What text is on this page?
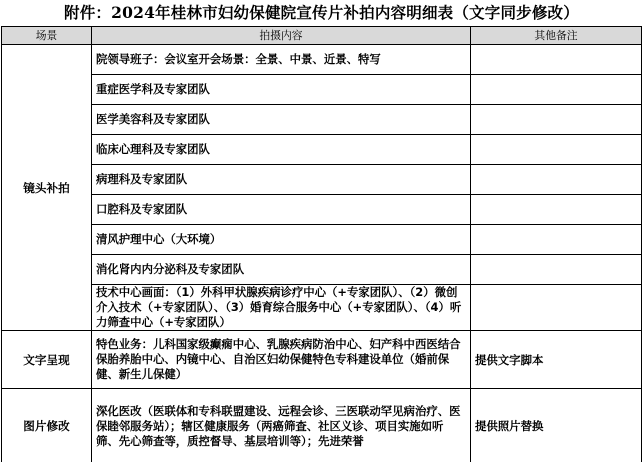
附件：2024年桂林市妇幼保健院宣传片补拍内容明细表（文字同步修改）
场景	拍摄内容	其他备注
镜头补拍	院领导班子：会议室开会场景：全景、中景、近景、特写	
	重症医学科及专家团队	
	医学美容科及专家团队	
	临床心理科及专家团队	
	病理科及专家团队	
	口腔科及专家团队	
	清风护理中心（大环境）	
	消化肾内内分泌科及专家团队	
	技术中心画面：（1）外科甲状腺疾病诊疗中心（+专家团队）、（2）微创介入技术（+专家团队）、（3）婚育综合服务中心（+专家团队）、（4）听力筛查中心（+专家团队）	
文字呈现	特色业务：儿科国家级癫痫中心、乳腺疾病防治中心、妇产科中西医结合保胎养胎中心、内镜中心、自治区妇幼保健特色专科建设单位（婚前保健、新生儿保健）	提供文字脚本
图片修改	深化医改（医联体和专科联盟建设、远程会诊、三医联动罕见病治疗、医保睦邻服务站）；辖区健康服务（两癌筛查、社区义诊、项目实施如听筛、先心筛查等，质控督导、基层培训等）；先进荣誉	提供照片替换
